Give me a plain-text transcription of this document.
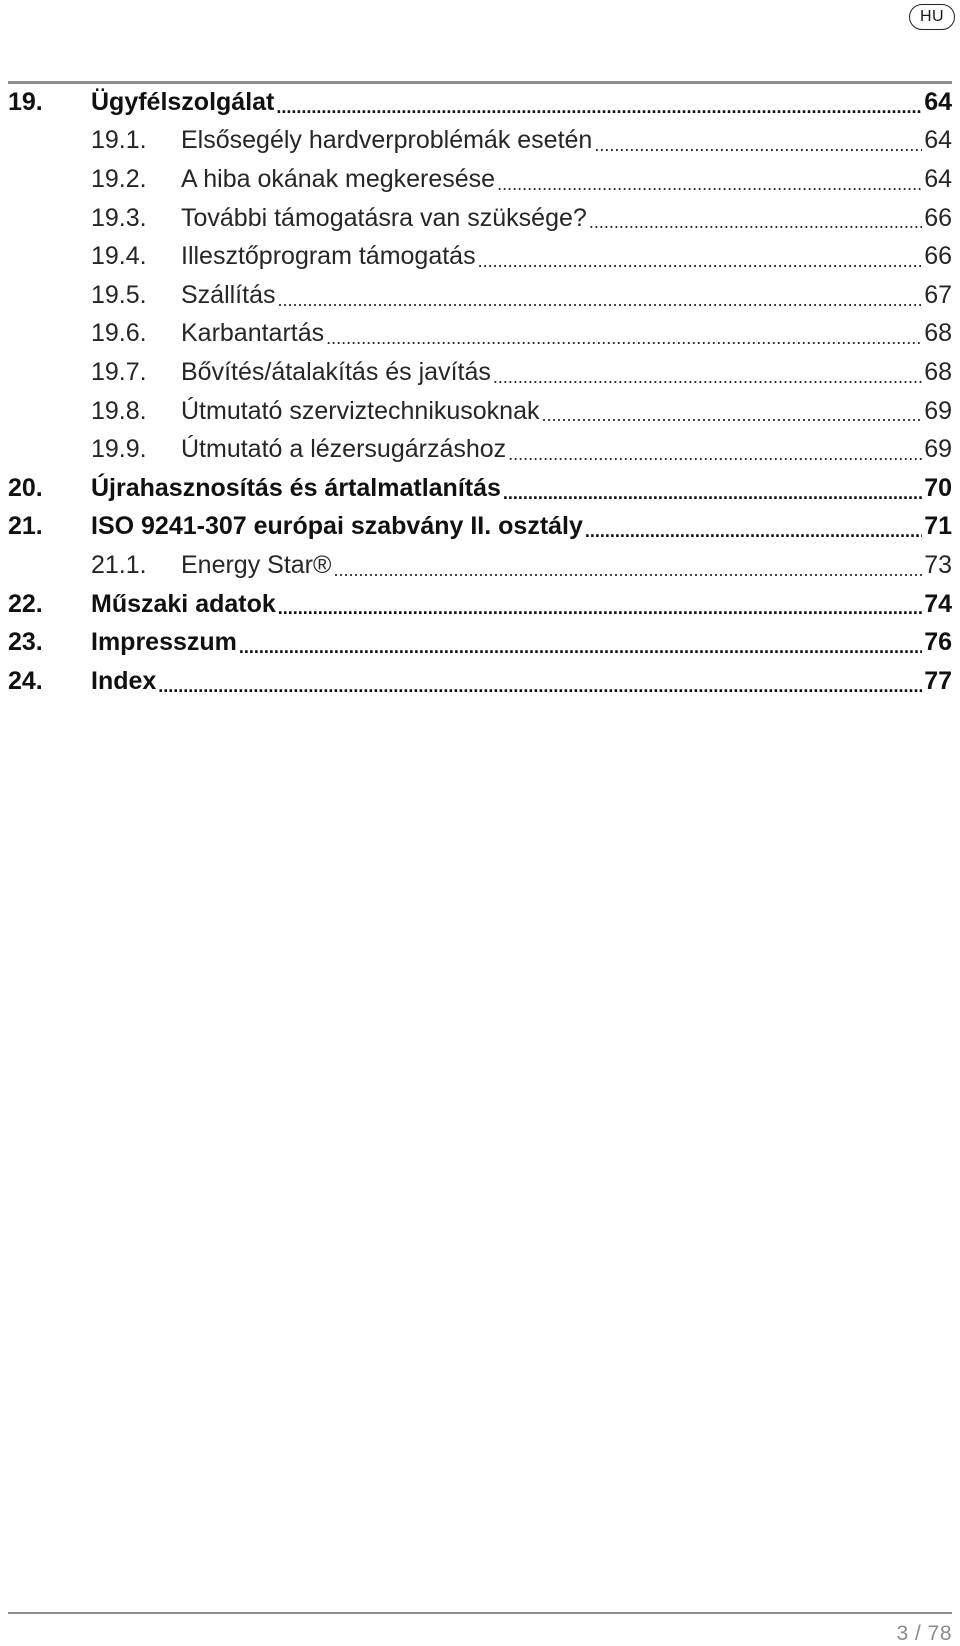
HU
19.	Ügyfélszolgálat .....	64
19.1.	Elsősegély hardverproblémák esetén .....	64
19.2.	A hiba okának megkeresése .....	64
19.3.	További támogatásra van szüksége? .....	66
19.4.	Illesztőprogram támogatás .....	66
19.5.	Szállítás .....	67
19.6.	Karbantartás .....	68
19.7.	Bővítés/átalakítás és javítás .....	68
19.8.	Útmutató szerviztechnikusoknak .....	69
19.9.	Útmutató a lézersugárzáshoz .....	69
20.	Újrahasznosítás és ártalmatlanítás .....	70
21.	ISO 9241-307 európai szabvány II. osztály .....	71
21.1.	Energy Star® .....	73
22.	Műszaki adatok .....	74
23.	Impresszum .....	76
24.	Index .....	77
3 / 78
